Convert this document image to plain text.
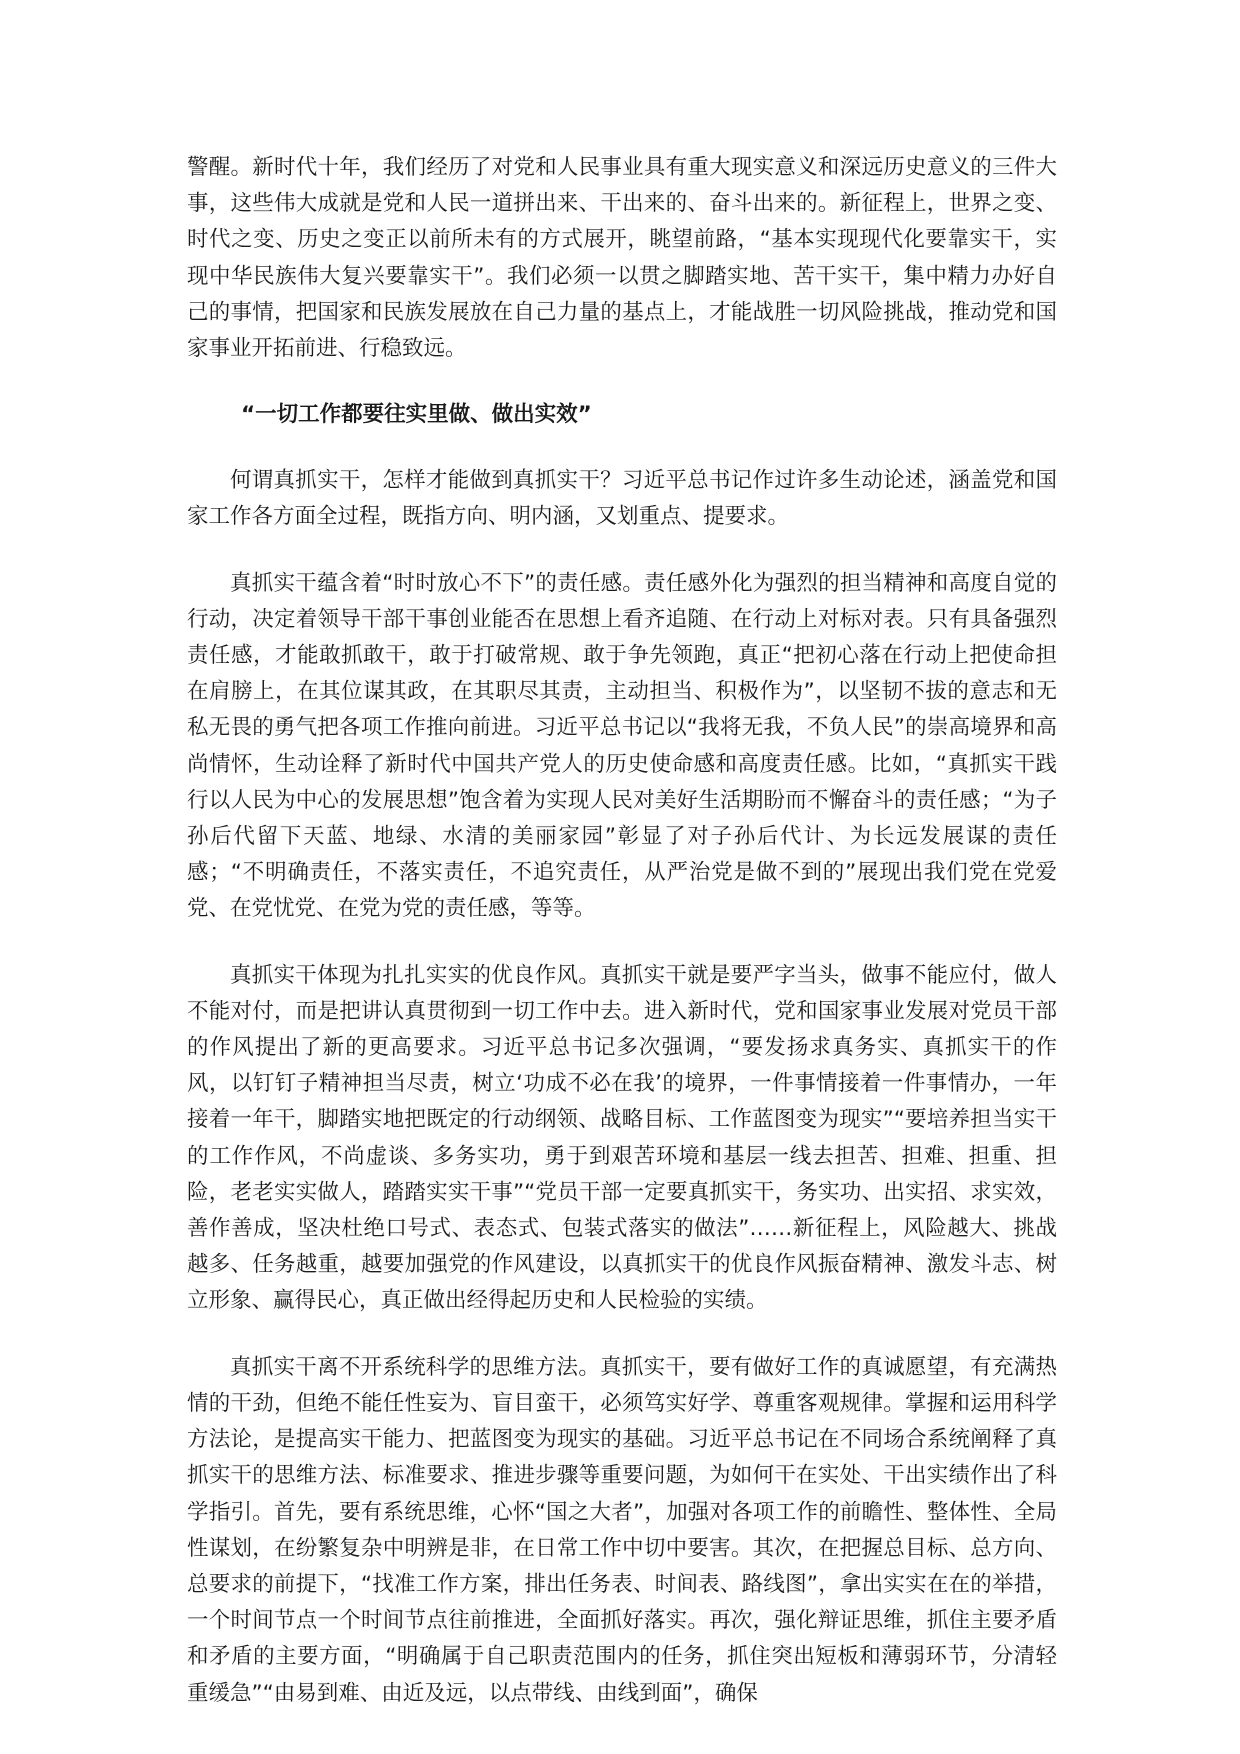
警醒。新时代十年，我们经历了对党和人民事业具有重大现实意义和深远历史意义的三件大事，这些伟大成就是党和人民一道拼出来、干出来的、奋斗出来的。新征程上，世界之变、时代之变、历史之变正以前所未有的方式展开，眺望前路，“基本实现现代化要靠实干，实现中华民族伟大复兴要靠实干”。我们必须一以贯之脚踏实地、苦干实干，集中精力办好自己的事情，把国家和民族发展放在自己力量的基点上，才能战胜一切风险挑战，推动党和国家事业开拓前进、行稳致远。

“一切工作都要往实里做、做出实效”

何谓真抓实干，怎样才能做到真抓实干？习近平总书记作过许多生动论述，涵盖党和国家工作各方面全过程，既指方向、明内涵，又划重点、提要求。

真抓实干蕴含着“时时放心不下”的责任感。责任感外化为强烈的担当精神和高度自觉的行动，决定着领导干部干事创业能否在思想上看齐追随、在行动上对标对表。只有具备强烈责任感，才能敢抓敢干，敢于打破常规、敢于争先领跑，真正“把初心落在行动上把使命担在肩膀上，在其位谋其政，在其职尽其责，主动担当、积极作为”，以坚韧不拔的意志和无私无畏的勇气把各项工作推向前进。习近平总书记以“我将无我，不负人民”的崇高境界和高尚情怀，生动诠释了新时代中国共产党人的历史使命感和高度责任感。比如，“真抓实干践行以人民为中心的发展思想”饱含着为实现人民对美好生活期盼而不懈奋斗的责任感；“为子孙后代留下天蓝、地绿、水清的美丽家园”彰显了对子孙后代计、为长远发展谋的责任感；“不明确责任，不落实责任，不追究责任，从严治党是做不到的”展现出我们党在党爱党、在党忧党、在党为党的责任感，等等。

真抓实干体现为扎扎实实的优良作风。真抓实干就是要严字当头，做事不能应付，做人不能对付，而是把讲认真贯彻到一切工作中去。进入新时代，党和国家事业发展对党员干部的作风提出了新的更高要求。习近平总书记多次强调，“要发扬求真务实、真抓实干的作风，以钉钉子精神担当尽责，树立‘功成不必在我’的境界，一件事情接着一件事情办，一年接着一年干，脚踏实地把既定的行动纲领、战略目标、工作蓝图变为现实”“要培养担当实干的工作作风，不尚虚谈、多务实功，勇于到艰苦环境和基层一线去担苦、担难、担重、担险，老老实实做人，踏踏实实干事”“党员干部一定要真抓实干，务实功、出实招、求实效，善作善成，坚决杜绝口号式、表态式、包装式落实的做法”……新征程上，风险越大、挑战越多、任务越重，越要加强党的作风建设，以真抓实干的优良作风振奋精神、激发斗志、树立形象、赢得民心，真正做出经得起历史和人民检验的实绩。

真抓实干离不开系统科学的思维方法。真抓实干，要有做好工作的真诚愿望，有充满热情的干劲，但绝不能任性妄为、盲目蛮干，必须笃实好学、尊重客观规律。掌握和运用科学方法论，是提高实干能力、把蓝图变为现实的基础。习近平总书记在不同场合系统阐释了真抓实干的思维方法、标准要求、推进步骤等重要问题，为如何干在实处、干出实绩作出了科学指引。首先，要有系统思维，心怀“国之大者”，加强对各项工作的前瞻性、整体性、全局性谋划，在纷繁复杂中明辨是非，在日常工作中切中要害。其次，在把握总目标、总方向、总要求的前提下，“找准工作方案，排出任务表、时间表、路线图”，拿出实实在在的举措，一个时间节点一个时间节点往前推进，全面抓好落实。再次，强化辩证思维，抓住主要矛盾和矛盾的主要方面，“明确属于自己职责范围内的任务，抓住突出短板和薄弱环节，分清轻重缓急”“由易到难、由近及远，以点带线、由线到面”，确保
